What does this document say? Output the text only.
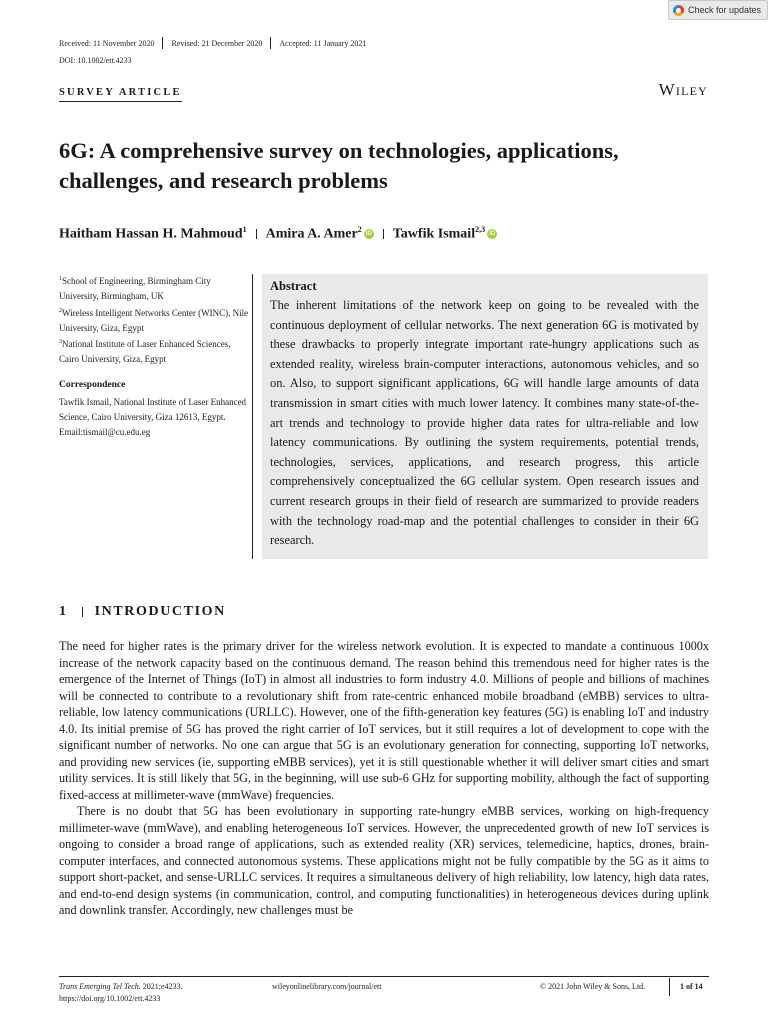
Check for updates
Received: 11 November 2020 Revised: 21 December 2020 Accepted: 11 January 2021
DOI: 10.1002/ett.4233
SURVEY ARTICLE	Wiley
6G: A comprehensive survey on technologies, applications, challenges, and research problems
Haitham Hassan H. Mahmoud$^1$ Amira A. Amer$^2$ iD Tawfik Ismail$^{2,3}$ iD
$^1$School of Engineering, Birmingham City University, Birmingham, UK
$^2$Wireless Intelligent Networks Center (WINC), Nile University, Giza, Egypt
$^3$National Institute of Laser Enhanced Sciences, Cairo University, Giza, Egypt
Correspondence
Tawfik Ismail, National Institute of Laser Enhanced Science, Cairo University, Giza 12613, Egypt.
Email:tismail@cu.edu.eg
Abstract
The inherent limitations of the network keep on going to be revealed with the continuous deployment of cellular networks. The next generation 6G is motivated by these drawbacks to properly integrate important rate-hungry applications such as extended reality, wireless brain-computer interactions, autonomous vehicles, and so on. Also, to support significant applications, 6G will handle large amounts of data transmission in smart cities with much lower latency. It combines many state-of-the-art trends and technology to provide higher data rates for ultra-reliable and low latency communications. By outlining the system requirements, potential trends, technologies, services, applications, and research progress, this article comprehensively conceptualized the 6G cellular system. Open research issues and current research groups in their field of research are summarized to provide readers with the technology road-map and the potential challenges to consider in their 6G research.
1 INTRODUCTION

The need for higher rates is the primary driver for the wireless network evolution. It is expected to mandate a continuous 1000x increase of the network capacity based on the continuous demand. The reason behind this tremendous need for higher rates is the emergence of the Internet of Things (IoT) in almost all industries to form industry 4.0. Millions of people and billions of machines will be connected to contribute to a revolutionary shift from rate-centric enhanced mobile broadband (eMBB) services to ultra-reliable, low latency communications (URLLC). However, one of the fifth-generation key features (5G) is enabling IoT and industry 4.0. Its initial premise of 5G has proved the right carrier of IoT services, but it still requires a lot of development to cope with the significant number of networks. No one can argue that 5G is an evolutionary generation for connecting, supporting IoT networks, and providing new services (ie, supporting eMBB services), yet it is still questionable whether it will deliver smart cities and smart utility services. It is still likely that 5G, in the beginning, will use sub-6 GHz for supporting mobility, although the fact of supporting fixed-access at millimeter-wave (mmWave) frequencies.

There is no doubt that 5G has been evolutionary in supporting rate-hungry eMBB services, working on high-frequency millimeter-wave (mmWave), and enabling heterogeneous IoT services. However, the unprecedented growth of new IoT services is ongoing to consider a broad range of applications, such as extended reality (XR) services, telemedicine, haptics, drones, brain-computer interfaces, and connected autonomous systems. These applications might not be fully compatible by the 5G as it aims to support short-packet, and sense-URLLC services. It requires a simultaneous delivery of high reliability, low latency, high data rates, and end-to-end design systems (in communication, control, and computing functionalities) in heterogeneous devices during uplink and downlink transfer. Accordingly, new challenges must be

Trans Emerging Tel Tech. 2021;e4233.
https://doi.org/10.1002/ett.4233
wileyonlinelibrary.com/journal/ett	© 2021 John Wiley & Sons, Ltd.	1 of 14
